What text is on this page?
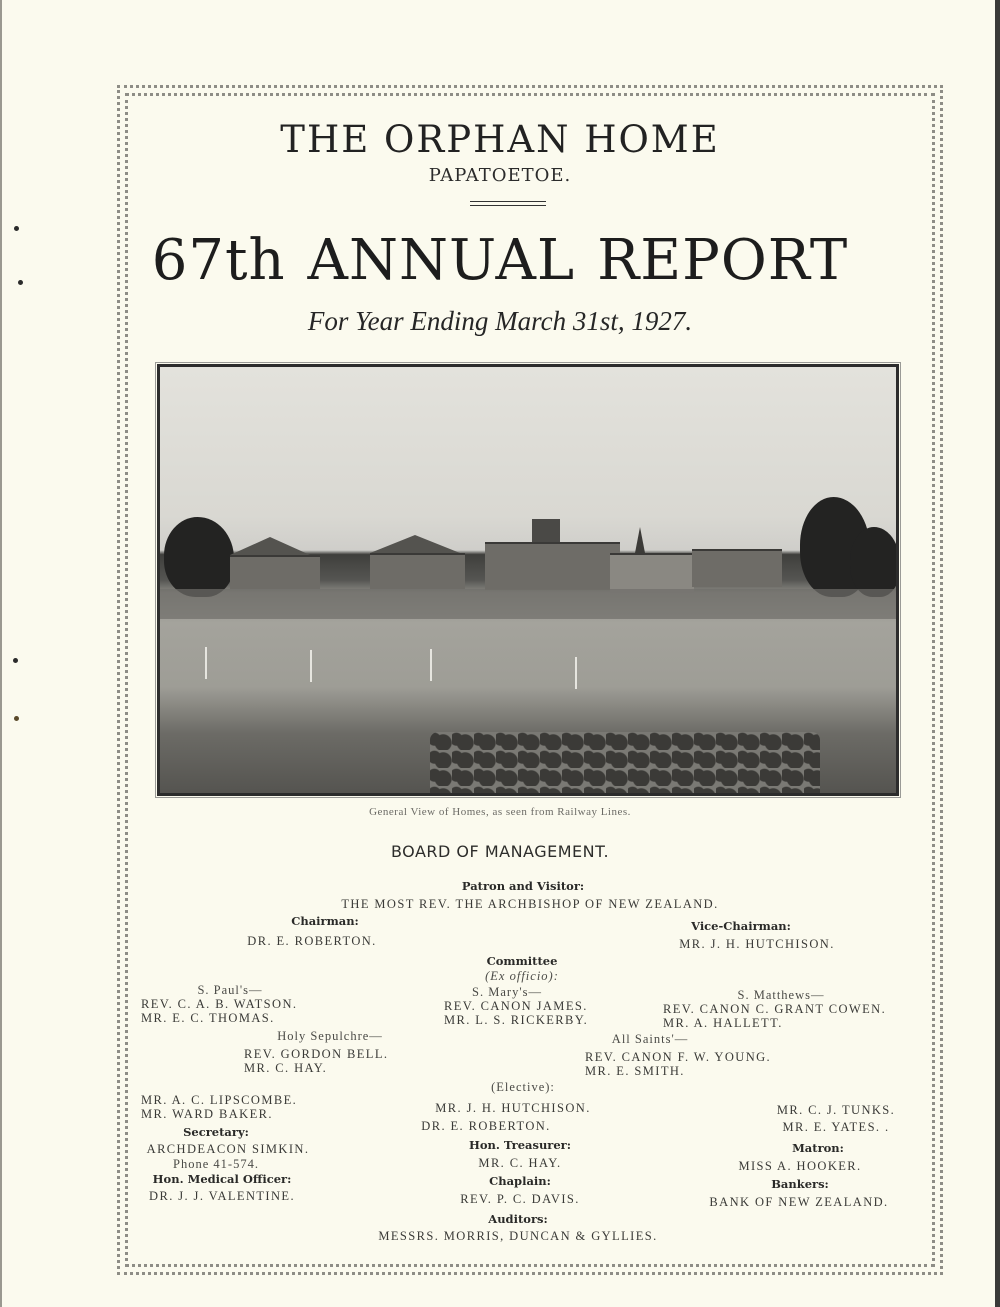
THE ORPHAN HOME
PAPATOETOE.
67th ANNUAL REPORT
For Year Ending March 31st, 1927.
General View of Homes, as seen from Railway Lines.
BOARD OF MANAGEMENT.
Patron and Visitor:
THE MOST REV. THE ARCHBISHOP OF NEW ZEALAND.
Chairman:
DR. E. ROBERTON.
Vice-Chairman:
MR. J. H. HUTCHISON.
Committee
(Ex officio):
S. Paul's—
REV. C. A. B. WATSON.
MR. E. C. THOMAS.
S. Mary's—
REV. CANON JAMES.
MR. L. S. RICKERBY.
S. Matthews—
REV. CANON C. GRANT COWEN.
MR. A. HALLETT.
Holy Sepulchre—
REV. GORDON BELL.
MR. C. HAY.
All Saints'—
REV. CANON F. W. YOUNG.
MR. E. SMITH.
(Elective):
MR. A. C. LIPSCOMBE.
MR. WARD BAKER.	MR. J. H. HUTCHISON.
DR. E. ROBERTON.
MR. C. J. TUNKS.
MR. E. YATES. .
Secretary:
ARCHDEACON SIMKIN.
Phone 41-574.
Hon. Treasurer:
MR. C. HAY.
Matron:
MISS A. HOOKER.
Hon. Medical Officer:
DR. J. J. VALENTINE.
Chaplain:
REV. P. C. DAVIS.
Bankers:
BANK OF NEW ZEALAND.
Auditors:
MESSRS. MORRIS, DUNCAN & GYLLIES.
